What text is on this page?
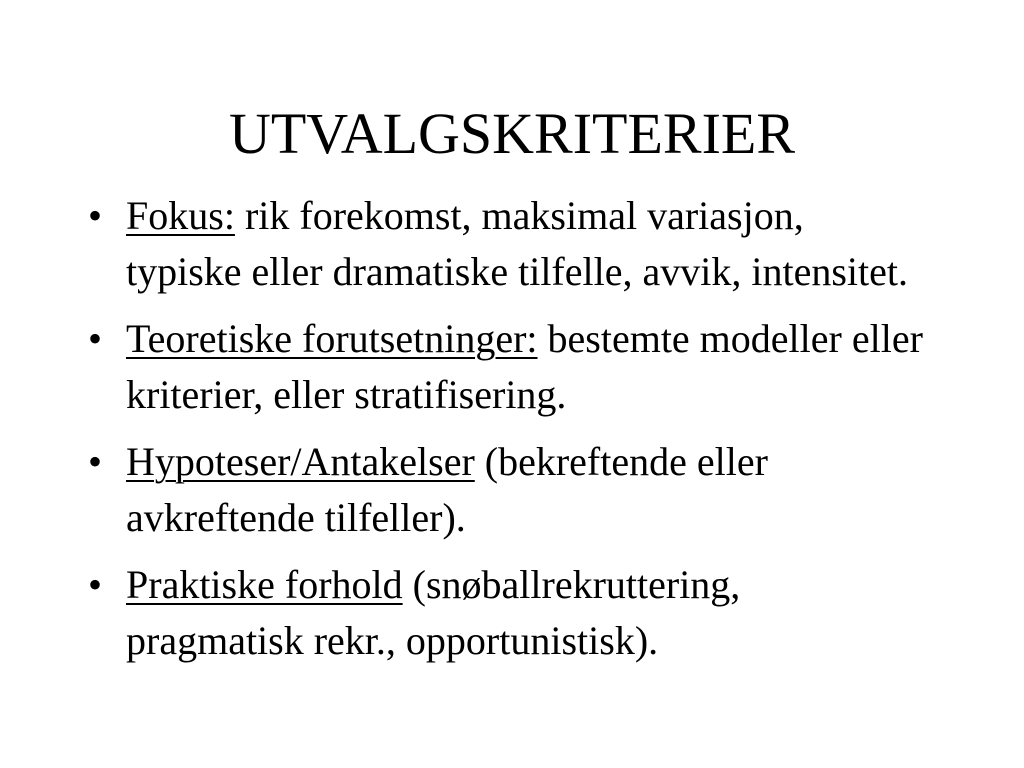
UTVALGSKRITERIER
• Fokus: rik forekomst, maksimal variasjon, typiske eller dramatiske tilfelle, avvik, intensitet.
• Teoretiske forutsetninger: bestemte modeller eller kriterier, eller stratifisering.
• Hypoteser/Antakelser (bekreftende eller avkreftende tilfeller).
• Praktiske forhold (snøballrekruttering, pragmatisk rekr., opportunistisk).
